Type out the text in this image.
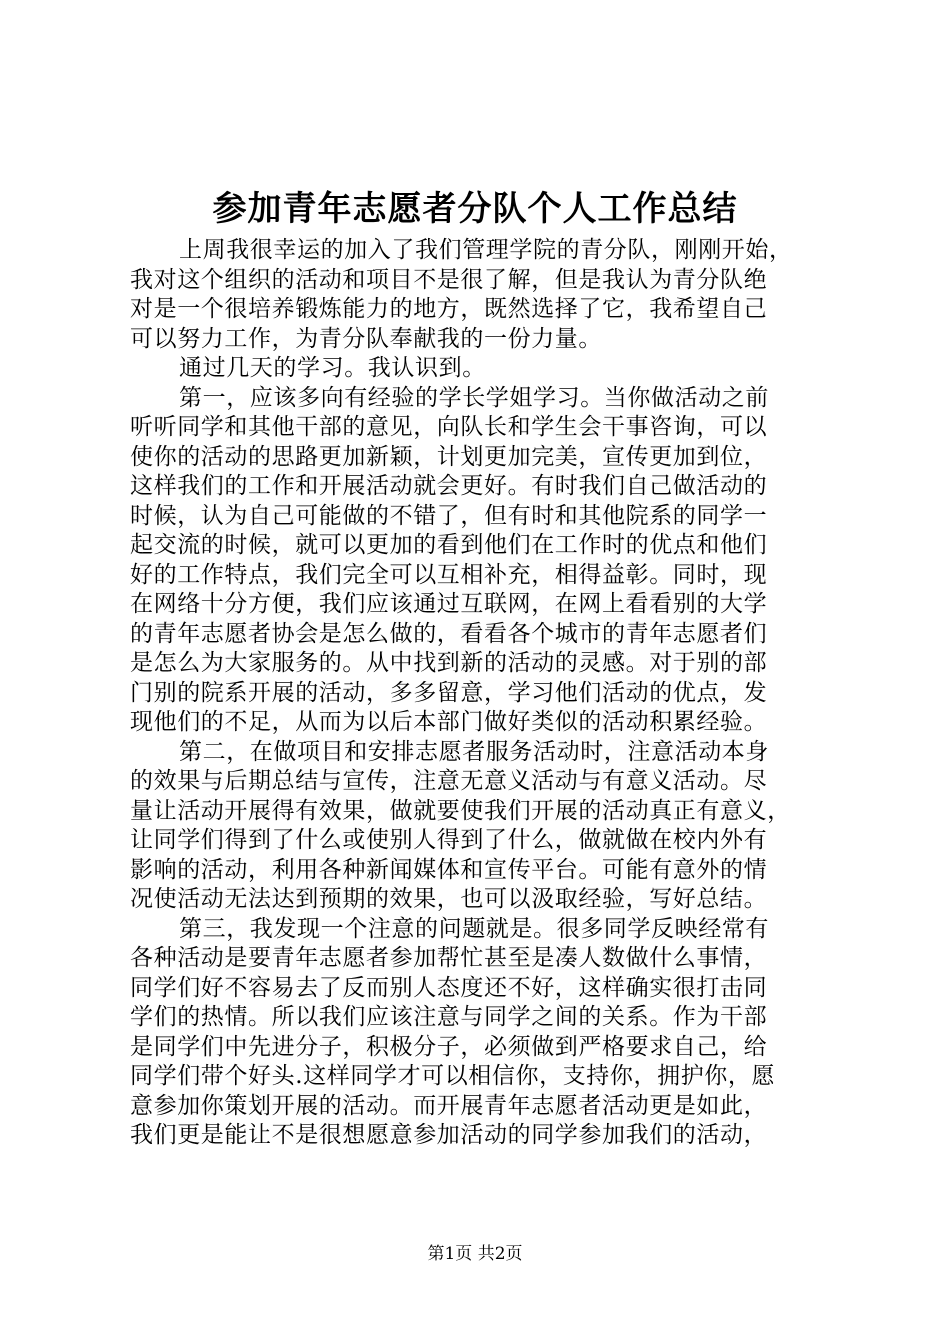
参加青年志愿者分队个人工作总结
上周我很幸运的加入了我们管理学院的青分队，刚刚开始，
我对这个组织的活动和项目不是很了解，但是我认为青分队绝
对是一个很培养锻炼能力的地方，既然选择了它，我希望自己
可以努力工作，为青分队奉献我的一份力量。
通过几天的学习。我认识到。
第一，应该多向有经验的学长学姐学习。当你做活动之前
听听同学和其他干部的意见，向队长和学生会干事咨询，可以
使你的活动的思路更加新颖，计划更加完美，宣传更加到位，
这样我们的工作和开展活动就会更好。有时我们自己做活动的
时候，认为自己可能做的不错了，但有时和其他院系的同学一
起交流的时候，就可以更加的看到他们在工作时的优点和他们
好的工作特点，我们完全可以互相补充，相得益彰。同时，现
在网络十分方便，我们应该通过互联网，在网上看看别的大学
的青年志愿者协会是怎么做的，看看各个城市的青年志愿者们
是怎么为大家服务的。从中找到新的活动的灵感。对于别的部
门别的院系开展的活动，多多留意，学习他们活动的优点，发
现他们的不足，从而为以后本部门做好类似的活动积累经验。
第二，在做项目和安排志愿者服务活动时，注意活动本身
的效果与后期总结与宣传，注意无意义活动与有意义活动。尽
量让活动开展得有效果，做就要使我们开展的活动真正有意义，
让同学们得到了什么或使别人得到了什么，做就做在校内外有
影响的活动，利用各种新闻媒体和宣传平台。可能有意外的情
况使活动无法达到预期的效果，也可以汲取经验，写好总结。
第三，我发现一个注意的问题就是。很多同学反映经常有
各种活动是要青年志愿者参加帮忙甚至是凑人数做什么事情，
同学们好不容易去了反而别人态度还不好，这样确实很打击同
学们的热情。所以我们应该注意与同学之间的关系。作为干部
是同学们中先进分子，积极分子，必须做到严格要求自己，给
同学们带个好头.这样同学才可以相信你，支持你，拥护你，愿
意参加你策划开展的活动。而开展青年志愿者活动更是如此，
我们更是能让不是很想愿意参加活动的同学参加我们的活动，
第1页 共2页
